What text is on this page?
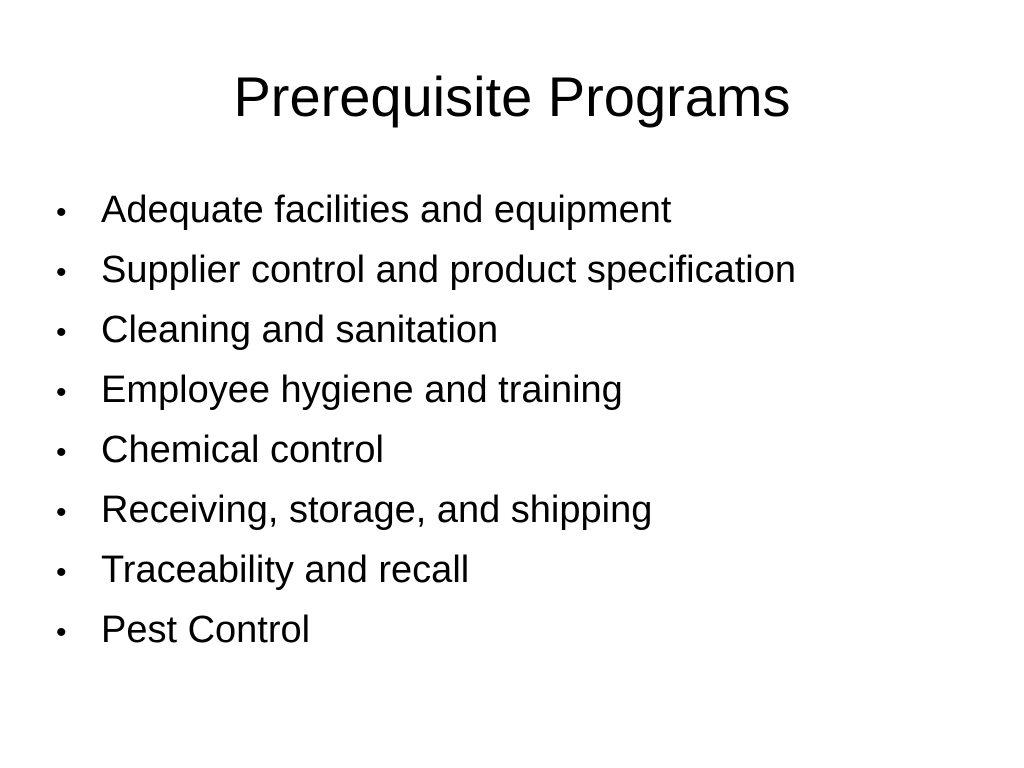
Prerequisite Programs
• Adequate facilities and equipment
• Supplier control and product specification
• Cleaning and sanitation
• Employee hygiene and training
• Chemical control
• Receiving, storage, and shipping
• Traceability and recall
• Pest Control
